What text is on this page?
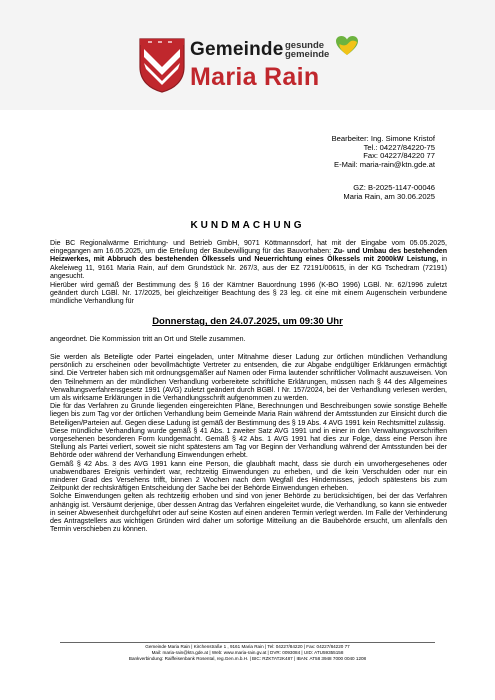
Gemeinde gesunde
gemeinde
Maria Rain
Bearbeiter: Ing. Simone Kristof
Tel.: 04227/84220-75
Fax: 04227/84220 77
E-Mail: maria-rain@ktn.gde.at
GZ: B-2025-1147-00046
Maria Rain, am 30.06.2025
KUNDMACHUNG
Die BC Regionalwärme Errichtung- und Betrieb GmbH, 9071 Köttmannsdorf, hat mit der Eingabe vom 05.05.2025, eingegangen am 16.05.2025, um die Erteilung der Baubewilligung für das Bauvorhaben: Zu- und Umbau des bestehenden Heizwerkes, mit Abbruch des bestehenden Ölkessels und Neuerrichtung eines Ölkessels mit 2000kW Leistung, in Akeleiweg 11, 9161 Maria Rain, auf dem Grundstück Nr. 267/3, aus der EZ 72191/00615, in der KG Tschedram (72191) angesucht.
Hierüber wird gemäß der Bestimmung des § 16 der Kärntner Bauordnung 1996 (K-BO 1996) LGBl. Nr. 62/1996 zuletzt geändert durch LGBl. Nr. 17/2025, bei gleichzeitiger Beachtung des § 23 leg. cit eine mit einem Augenschein verbundene mündliche Verhandlung für
Donnerstag, den 24.07.2025, um 09:30 Uhr
angeordnet. Die Kommission tritt an Ort und Stelle zusammen.
Sie werden als Beteiligte oder Partei eingeladen, unter Mitnahme dieser Ladung zur örtlichen mündlichen Verhandlung persönlich zu erscheinen oder bevollmächtigte Vertreter zu entsenden, die zur Abgabe endgültiger Erklärungen ermächtigt sind. Die Vertreter haben sich mit ordnungsgemäßer auf Namen oder Firma lautender schriftlicher Vollmacht auszuweisen. Von den Teilnehmern an der mündlichen Verhandlung vorbereitete schriftliche Erklärungen, müssen nach § 44 des Allgemeines Verwaltungsverfahrensgesetz 1991 (AVG) zuletzt geändert durch BGBl. I Nr. 157/2024, bei der Verhandlung verlesen werden, um als wirksame Erklärungen in die Verhandlungsschrift aufgenommen zu werden.
Die für das Verfahren zu Grunde liegenden eingereichten Pläne, Berechnungen und Beschreibungen sowie sonstige Behelfe liegen bis zum Tag vor der örtlichen Verhandlung beim Gemeinde Maria Rain während der Amtsstunden zur Einsicht durch die Beteiligen/Parteien auf. Gegen diese Ladung ist gemäß der Bestimmung des § 19 Abs. 4 AVG 1991 kein Rechtsmittel zulässig.
Diese mündliche Verhandlung wurde gemäß § 41 Abs. 1 zweiter Satz AVG 1991 und in einer in den Verwaltungsvorschriften vorgesehenen besonderen Form kundgemacht. Gemäß § 42 Abs. 1 AVG 1991 hat dies zur Folge, dass eine Person ihre Stellung als Partei verliert, soweit sie nicht spätestens am Tag vor Beginn der Verhandlung während der Amtsstunden bei der Behörde oder während der Verhandlung Einwendungen erhebt.
Gemäß § 42 Abs. 3 des AVG 1991 kann eine Person, die glaubhaft macht, dass sie durch ein unvorhergesehenes oder unabwendbares Ereignis verhindert war, rechtzeitig Einwendungen zu erheben, und die kein Verschulden oder nur ein minderer Grad des Versehens trifft, binnen 2 Wochen nach dem Wegfall des Hindernisses, jedoch spätestens bis zum Zeitpunkt der rechtskräftigen Entscheidung der Sache bei der Behörde Einwendungen erheben.
Solche Einwendungen gelten als rechtzeitig erhoben und sind von jener Behörde zu berücksichtigen, bei der das Verfahren anhängig ist. Versäumt derjenige, über dessen Antrag das Verfahren eingeleitet wurde, die Verhandlung, so kann sie entweder in seiner Abwesenheit durchgeführt oder auf seine Kosten auf einen anderen Termin verlegt werden. Im Falle der Verhinderung des Antragstellers aus wichtigen Gründen wird daher um sofortige Mitteilung an die Baubehörde ersucht, um allenfalls den Termin verschieben zu können.
Gemeinde Maria Rain | Kirchenstraße 1 , 9161 Maria Rain | Tel: 04227/84220 | Fax: 04227/84220 77
Mail: maria-rain@ktn.gde.at | Web: www.maria-rain.gv.at | DVR: 0093084 | UID: ATU59355158
Bankverbindung: Raiffeisenbank Rosental, reg.Gen.m.b.H. | BIC: RZKTAT2K487 | IBAN: AT58 3948 7000 0040 1208
